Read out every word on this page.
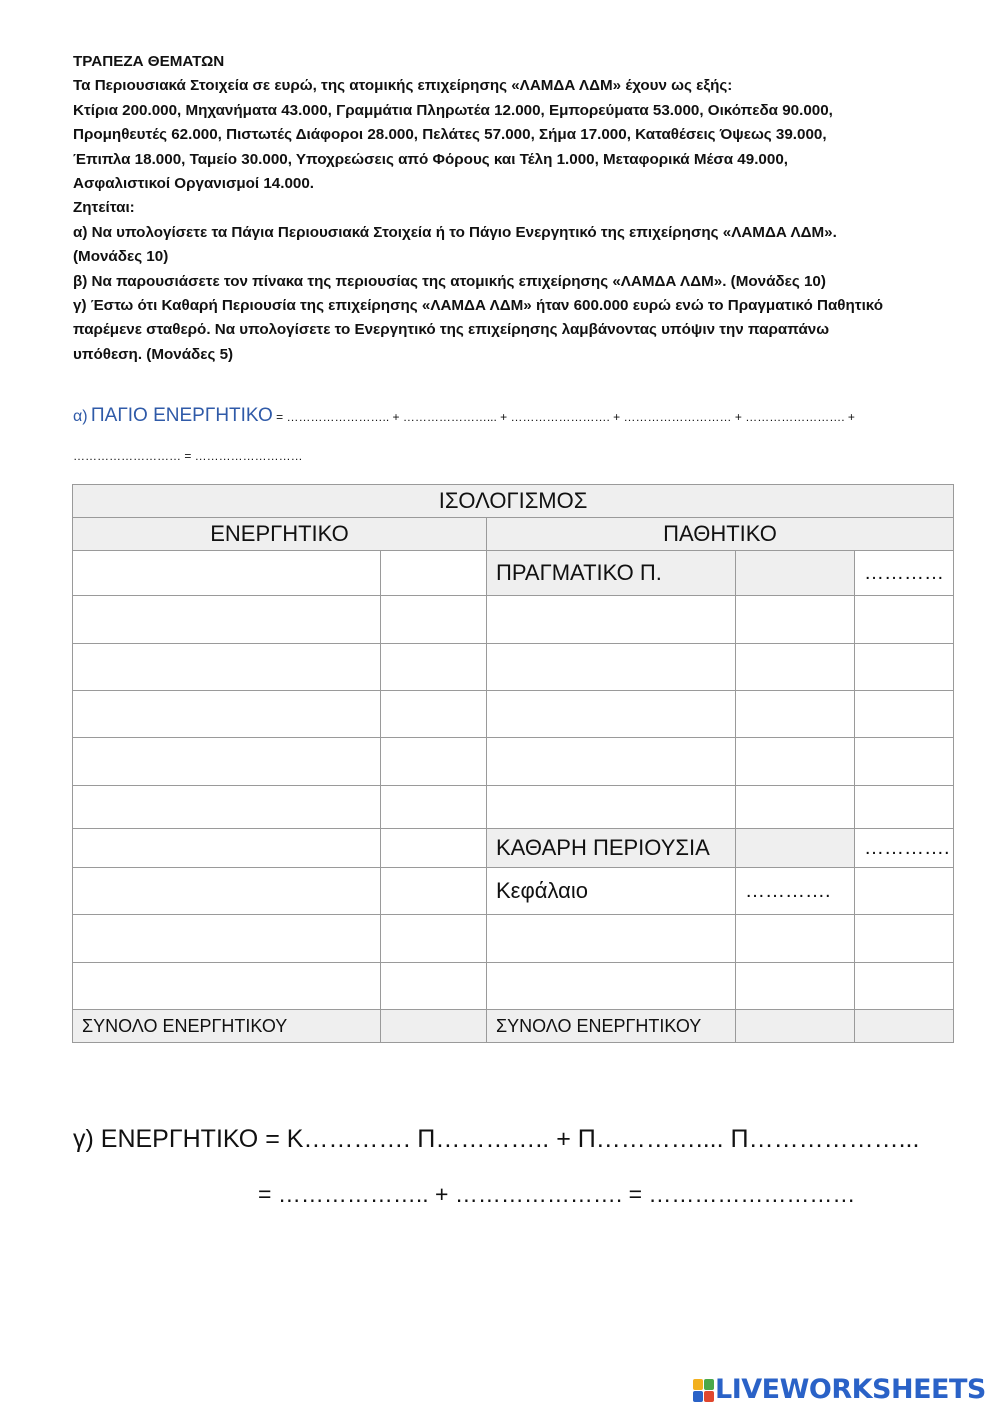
ΤΡΑΠΕΖΑ ΘΕΜΑΤΩΝ

Τα Περιουσιακά Στοιχεία σε ευρώ, της ατομικής επιχείρησης «ΛΑΜΔΑ ΛΔΜ» έχουν ως εξής:

Κτίρια 200.000, Μηχανήματα 43.000, Γραμμάτια Πληρωτέα 12.000, Εμπορεύματα 53.000, Οικόπεδα 90.000,

Προμηθευτές 62.000, Πιστωτές Διάφοροι 28.000, Πελάτες 57.000, Σήμα 17.000, Καταθέσεις Όψεως 39.000,

Έπιπλα 18.000, Ταμείο 30.000, Υποχρεώσεις από Φόρους και Τέλη 1.000, Μεταφορικά Μέσα 49.000,

Ασφαλιστικοί Οργανισμοί 14.000.

Ζητείται:

α) Να υπολογίσετε τα Πάγια Περιουσιακά Στοιχεία ή το Πάγιο Ενεργητικό της επιχείρησης «ΛΑΜΔΑ ΛΔΜ».

(Μονάδες 10)

β) Να παρουσιάσετε τον πίνακα της περιουσίας της ατομικής επιχείρησης «ΛΑΜΔΑ ΛΔΜ». (Μονάδες 10)

γ) Έστω ότι Καθαρή Περιουσία της επιχείρησης «ΛΑΜΔΑ ΛΔΜ» ήταν 600.000 ευρώ ενώ το Πραγματικό Παθητικό

παρέμενε σταθερό. Να υπολογίσετε το Ενεργητικό της επιχείρησης λαμβάνοντας υπόψιν την παραπάνω

υπόθεση. (Μονάδες 5)

α) ΠΑΓΙΟ ΕΝΕΡΓΗΤΙΚΟ = …………………….. + …………………... + ……………………. + ……………………… + ……………………. +
……………………… = ………………………
ΙΣΟΛΟΓΙΣΜΟΣ				
ΕΝΕΡΓΗΤΙΚΟ		ΠΑΘΗΤΙΚΟ		
		ΠΡΑΓΜΑΤΙΚΟ Π.		…………

		ΚΑΘΑΡΗ ΠΕΡΙΟΥΣΙΑ		………….
		Κεφάλαιο	………….	

ΣΥΝΟΛΟ ΕΝΕΡΓΗΤΙΚΟΥ		ΣΥΝΟΛΟ ΕΝΕΡΓΗΤΙΚΟΥ		
γ) ΕΝΕΡΓΗΤΙΚΟ = Κ…………. Π………….. + Π………….... Π………………...
= ……………….. + …………………. = ………………………
LIVEWORKSHEETS
